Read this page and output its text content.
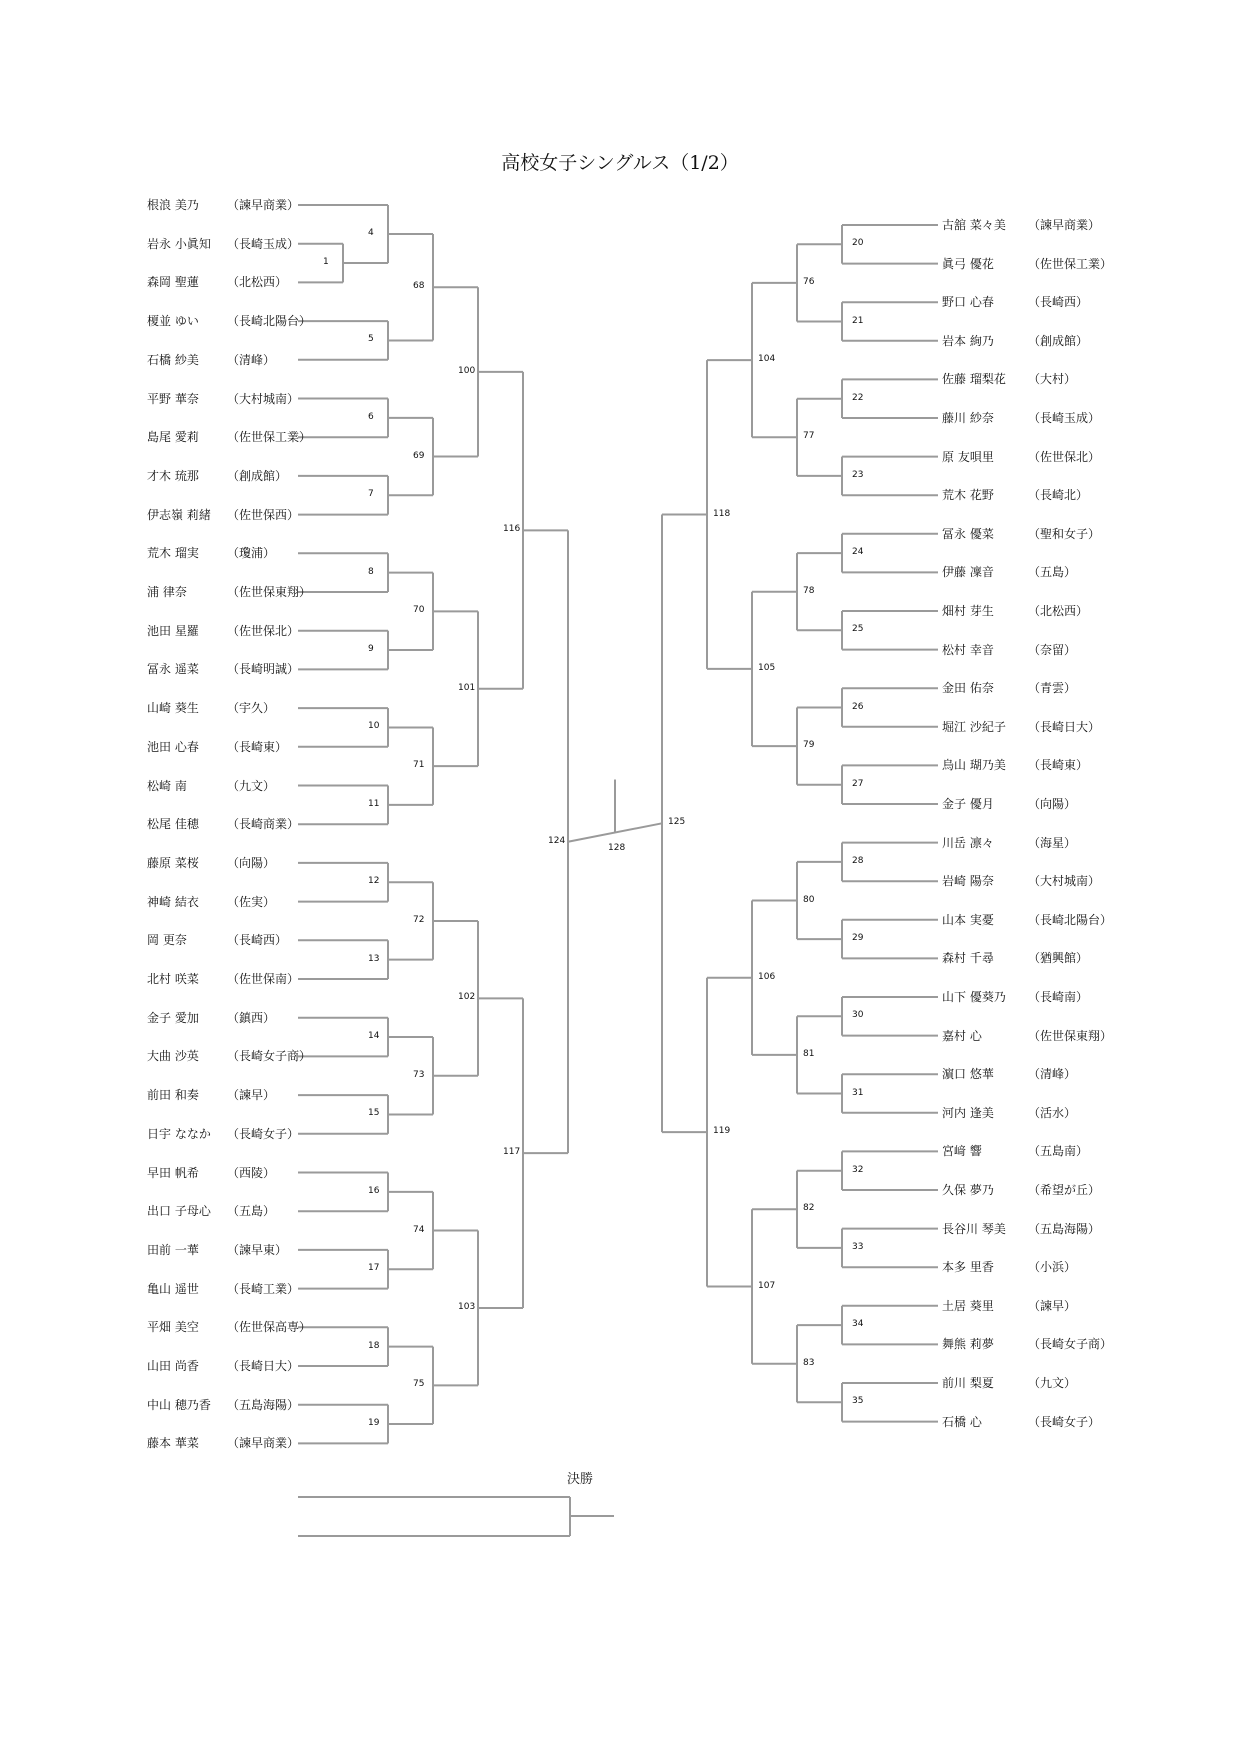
高校女子シングルス（1/2）
根浪 美乃 （諫早商業）
岩永 小眞知 （長崎玉成）
森岡 聖蓮 （北松西）
榎並 ゆい （長崎北陽台）
石橋 紗美 （清峰）
平野 華奈 （大村城南）
島尾 愛莉 （佐世保工業）
才木 琉那 （創成館）
伊志嶺 莉緒 （佐世保西）
荒木 瑠実 （瓊浦）
浦 律奈	（佐世保東翔）
池田 星羅 （佐世保北）
冨永 遥菜 （長崎明誠）
山崎 葵生 （宇久）
池田 心春 （長崎東）
松崎 南	（九文）
松尾 佳穂 （長崎商業）
藤原 菜桜 （向陽）
神崎 結衣 （佐実）
岡 更奈	（長崎西）
北村 咲菜 （佐世保南）
金子 愛加 （鎮西）
大曲 沙英 （長崎女子商）
前田 和奏 （諫早）
日宇 ななか （長崎女子）
早田 帆希 （西陵）
出口 子母心 （五島）
田前 一華 （諫早東）
亀山 遥世 （長崎工業）
平畑 美空 （佐世保高専）
山田 尚香 （長崎日大）
中山 穂乃香 （五島海陽）
藤本 華菜 （諫早商業）
1
4
5
6
7
8
9
10
11
12
13
14
15
16
17
18
19
68
69
70
71
72
73
74
75
100
101
102
103
116
117
124
古舘 菜々美 （諫早商業）
眞弓 優花	（佐世保工業）
野口 心春	（長崎西）
岩本 絢乃	（創成館）
佐藤 瑠梨花 （大村）
藤川 紗奈	（長崎玉成）
原 友唄里	（佐世保北）
荒木 花野	（長崎北）
冨永 優菜	（聖和女子）
伊藤 凜音	（五島）
畑村 芽生	（北松西）
松村 幸音	（奈留）
金田 佑奈	（青雲）
堀江 沙紀子 （長崎日大）
烏山 瑚乃美 （長崎東）
金子 優月	（向陽）
川岳 凛々	（海星）
岩崎 陽奈	（大村城南）
山本 実憂	（長崎北陽台）
森村 千尋	（猶興館）
山下 優葵乃 （長崎南）
嘉村 心	（佐世保東翔）
濵口 悠華	（清峰）
河内 逢美	（活水）
宮﨑 響	（五島南）
久保 夢乃	（希望が丘）
長谷川 琴美 （五島海陽）
本多 里香	（小浜）
土居 葵里	（諫早）
舞熊 莉夢	（長崎女子商）
前川 梨夏	（九文）
石橋 心	（長崎女子）
20
21
22
23
24
25
26
27
28
29
30
31
32
33
34
35
76
77
78
79
80
81
82
83
104
105
106
107
118
119
125
128
決勝
